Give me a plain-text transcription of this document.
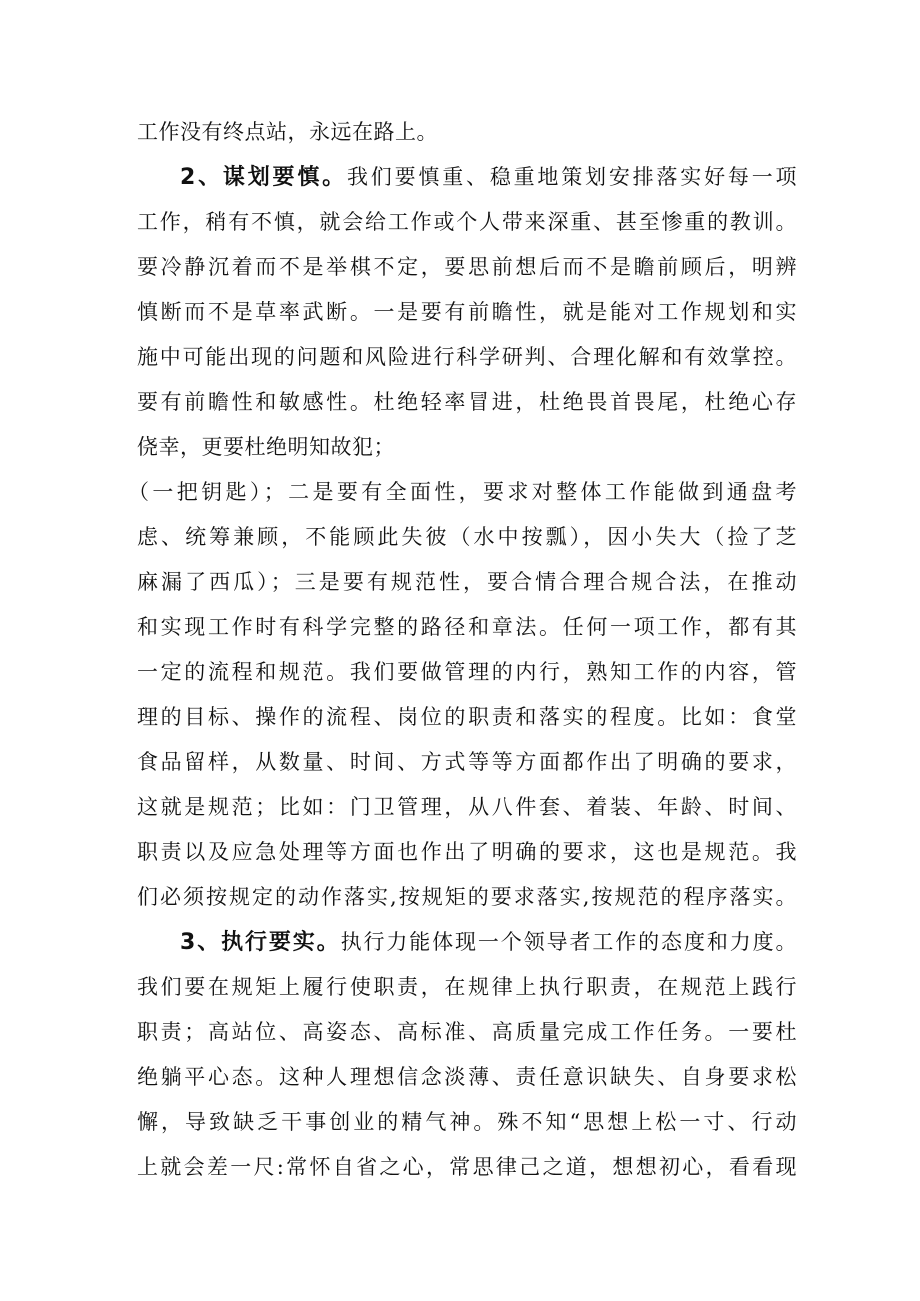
工作没有终点站，永远在路上。
2、谋划要慎。我们要慎重、稳重地策划安排落实好每一项
工作，稍有不慎，就会给工作或个人带来深重、甚至惨重的教训。
要冷静沉着而不是举棋不定，要思前想后而不是瞻前顾后，明辨
慎断而不是草率武断。一是要有前瞻性，就是能对工作规划和实
施中可能出现的问题和风险进行科学研判、合理化解和有效掌控。
要有前瞻性和敏感性。杜绝轻率冒进，杜绝畏首畏尾，杜绝心存
侥幸，更要杜绝明知故犯；
（一把钥匙）；二是要有全面性，要求对整体工作能做到通盘考
虑、统筹兼顾，不能顾此失彼（水中按瓢），因小失大（捡了芝
麻漏了西瓜）；三是要有规范性，要合情合理合规合法，在推动
和实现工作时有科学完整的路径和章法。任何一项工作，都有其
一定的流程和规范。我们要做管理的内行，熟知工作的内容，管
理的目标、操作的流程、岗位的职责和落实的程度。比如：食堂
食品留样，从数量、时间、方式等等方面都作出了明确的要求，
这就是规范；比如：门卫管理，从八件套、着装、年龄、时间、
职责以及应急处理等方面也作出了明确的要求，这也是规范。我
们必须按规定的动作落实,按规矩的要求落实,按规范的程序落实。
3、执行要实。执行力能体现一个领导者工作的态度和力度。
我们要在规矩上履行使职责，在规律上执行职责，在规范上践行
职责；高站位、高姿态、高标准、高质量完成工作任务。一要杜
绝躺平心态。这种人理想信念淡薄、责任意识缺失、自身要求松
懈，导致缺乏干事创业的精气神。殊不知“思想上松一寸、行动
上就会差一尺:常怀自省之心，常思律己之道，想想初心，看看现
